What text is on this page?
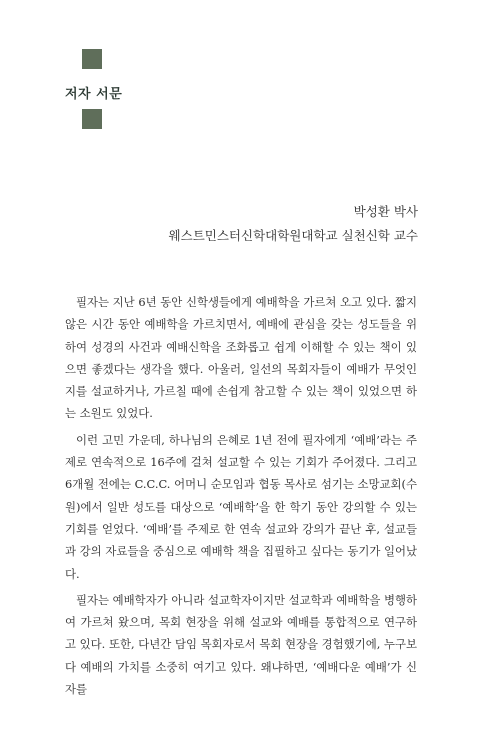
저자 서문
박성환 박사
웨스트민스터신학대학원대학교 실천신학 교수

필자는 지난 6년 동안 신학생들에게 예배학을 가르쳐 오고 있다. 짧지 않은 시간 동안 예배학을 가르치면서, 예배에 관심을 갖는 성도들을 위하여 성경의 사건과 예배신학을 조화롭고 쉽게 이해할 수 있는 책이 있으면 좋겠다는 생각을 했다. 아울러, 일선의 목회자들이 예배가 무엇인지를 설교하거나, 가르칠 때에 손쉽게 참고할 수 있는 책이 있었으면 하는 소원도 있었다.

이런 고민 가운데, 하나님의 은혜로 1년 전에 필자에게 ‘예배’라는 주제로 연속적으로 16주에 걸쳐 설교할 수 있는 기회가 주어졌다. 그리고 6개월 전에는 C.C.C. 어머니 순모임과 협동 목사로 섬기는 소망교회(수원)에서 일반 성도를 대상으로 ‘예배학’을 한 학기 동안 강의할 수 있는 기회를 얻었다. ‘예배’를 주제로 한 연속 설교와 강의가 끝난 후, 설교들과 강의 자료들을 중심으로 예배학 책을 집필하고 싶다는 동기가 일어났다.

필자는 예배학자가 아니라 설교학자이지만 설교학과 예배학을 병행하여 가르쳐 왔으며, 목회 현장을 위해 설교와 예배를 통합적으로 연구하고 있다. 또한, 다년간 담임 목회자로서 목회 현장을 경험했기에, 누구보다 예배의 가치를 소중히 여기고 있다. 왜냐하면, ‘예배다운 예배’가 신자를
